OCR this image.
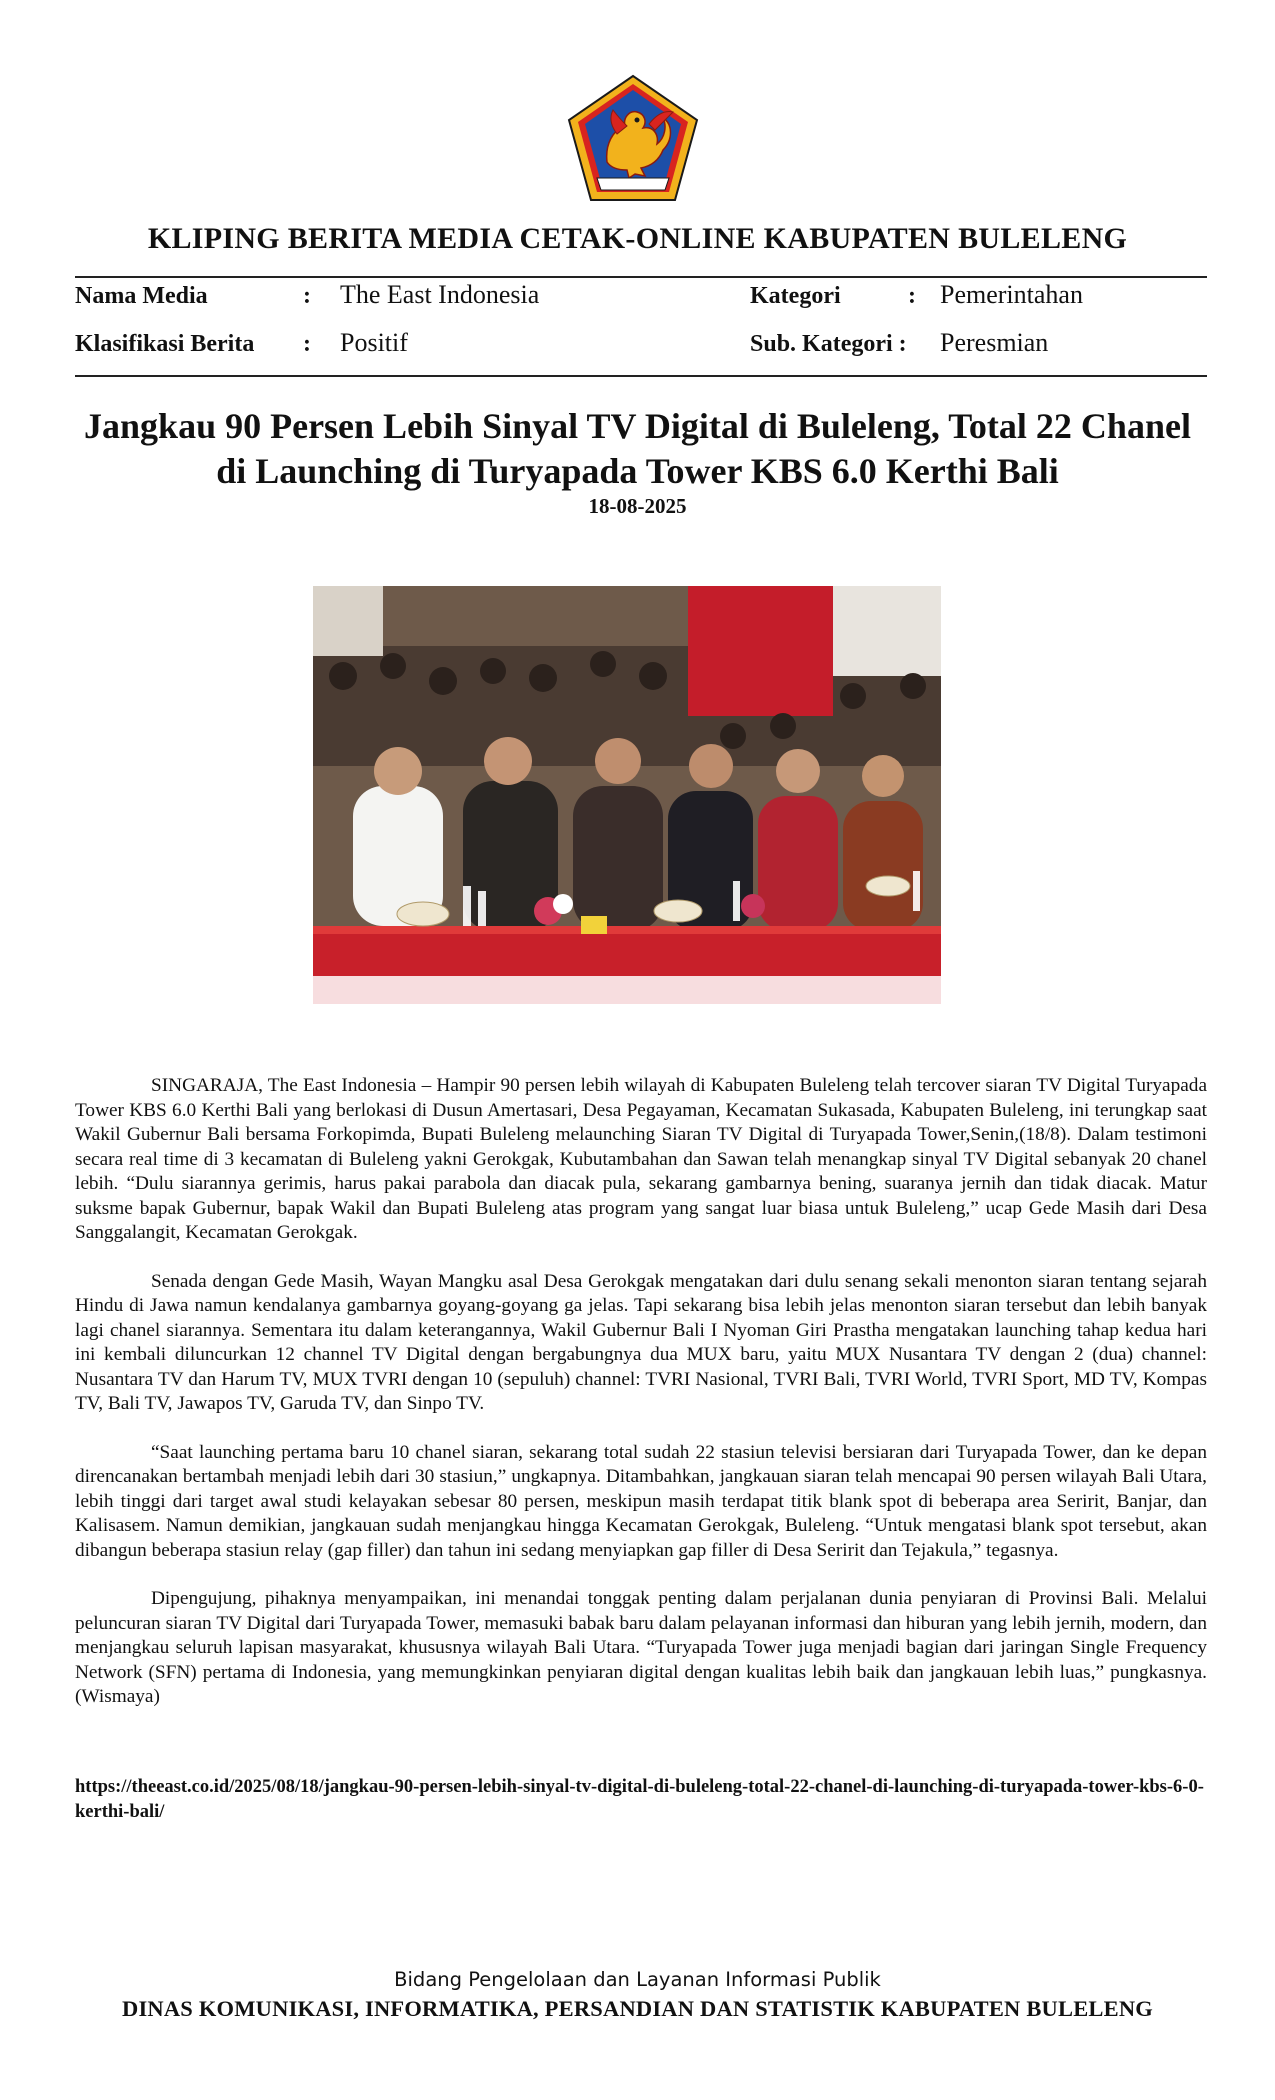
KLIPING BERITA MEDIA CETAK-ONLINE KABUPATEN BULELENG
Nama Media	: The East Indonesia	Kategori	: Pemerintahan
Klasifikasi Berita : Positif	Sub. Kategori : Peresmian
Jangkau 90 Persen Lebih Sinyal TV Digital di Buleleng, Total 22 Chanel
di Launching di Turyapada Tower KBS 6.0 Kerthi Bali
18-08-2025

SINGARAJA, The East Indonesia – Hampir 90 persen lebih wilayah di Kabupaten Buleleng telah tercover siaran TV Digital Turyapada Tower KBS 6.0 Kerthi Bali yang berlokasi di Dusun Amertasari, Desa Pegayaman, Kecamatan Sukasada, Kabupaten Buleleng, ini terungkap saat Wakil Gubernur Bali bersama Forkopimda, Bupati Buleleng melaunching Siaran TV Digital di Turyapada Tower,Senin,(18/8). Dalam testimoni secara real time di 3 kecamatan di Buleleng yakni Gerokgak, Kubutambahan dan Sawan telah menangkap sinyal TV Digital sebanyak 20 chanel lebih. “Dulu siarannya gerimis, harus pakai parabola dan diacak pula, sekarang gambarnya bening, suaranya jernih dan tidak diacak. Matur suksme bapak Gubernur, bapak Wakil dan Bupati Buleleng atas program yang sangat luar biasa untuk Buleleng,” ucap Gede Masih dari Desa Sanggalangit, Kecamatan Gerokgak.

Senada dengan Gede Masih, Wayan Mangku asal Desa Gerokgak mengatakan dari dulu senang sekali menonton siaran tentang sejarah Hindu di Jawa namun kendalanya gambarnya goyang-goyang ga jelas. Tapi sekarang bisa lebih jelas menonton siaran tersebut dan lebih banyak lagi chanel siarannya. Sementara itu dalam keterangannya, Wakil Gubernur Bali I Nyoman Giri Prastha mengatakan launching tahap kedua hari ini kembali diluncurkan 12 channel TV Digital dengan bergabungnya dua MUX baru, yaitu MUX Nusantara TV dengan 2 (dua) channel: Nusantara TV dan Harum TV, MUX TVRI dengan 10 (sepuluh) channel: TVRI Nasional, TVRI Bali, TVRI World, TVRI Sport, MD TV, Kompas TV, Bali TV, Jawapos TV, Garuda TV, dan Sinpo TV.

“Saat launching pertama baru 10 chanel siaran, sekarang total sudah 22 stasiun televisi bersiaran dari Turyapada Tower, dan ke depan direncanakan bertambah menjadi lebih dari 30 stasiun,” ungkapnya. Ditambahkan, jangkauan siaran telah mencapai 90 persen wilayah Bali Utara, lebih tinggi dari target awal studi kelayakan sebesar 80 persen, meskipun masih terdapat titik blank spot di beberapa area Seririt, Banjar, dan Kalisasem. Namun demikian, jangkauan sudah menjangkau hingga Kecamatan Gerokgak, Buleleng. “Untuk mengatasi blank spot tersebut, akan dibangun beberapa stasiun relay (gap filler) dan tahun ini sedang menyiapkan gap filler di Desa Seririt dan Tejakula,” tegasnya.

Dipengujung, pihaknya menyampaikan, ini menandai tonggak penting dalam perjalanan dunia penyiaran di Provinsi Bali. Melalui peluncuran siaran TV Digital dari Turyapada Tower, memasuki babak baru dalam pelayanan informasi dan hiburan yang lebih jernih, modern, dan menjangkau seluruh lapisan masyarakat, khususnya wilayah Bali Utara. “Turyapada Tower juga menjadi bagian dari jaringan Single Frequency Network (SFN) pertama di Indonesia, yang memungkinkan penyiaran digital dengan kualitas lebih baik dan jangkauan lebih luas,” pungkasnya.(Wismaya)

https://theeast.co.id/2025/08/18/jangkau-90-persen-lebih-sinyal-tv-digital-di-buleleng-total-22-chanel-di-launching-di-turyapada-tower-kbs-6-0-kerthi-bali/
Bidang Pengelolaan dan Layanan Informasi Publik
DINAS KOMUNIKASI, INFORMATIKA, PERSANDIAN DAN STATISTIK KABUPATEN BULELENG
